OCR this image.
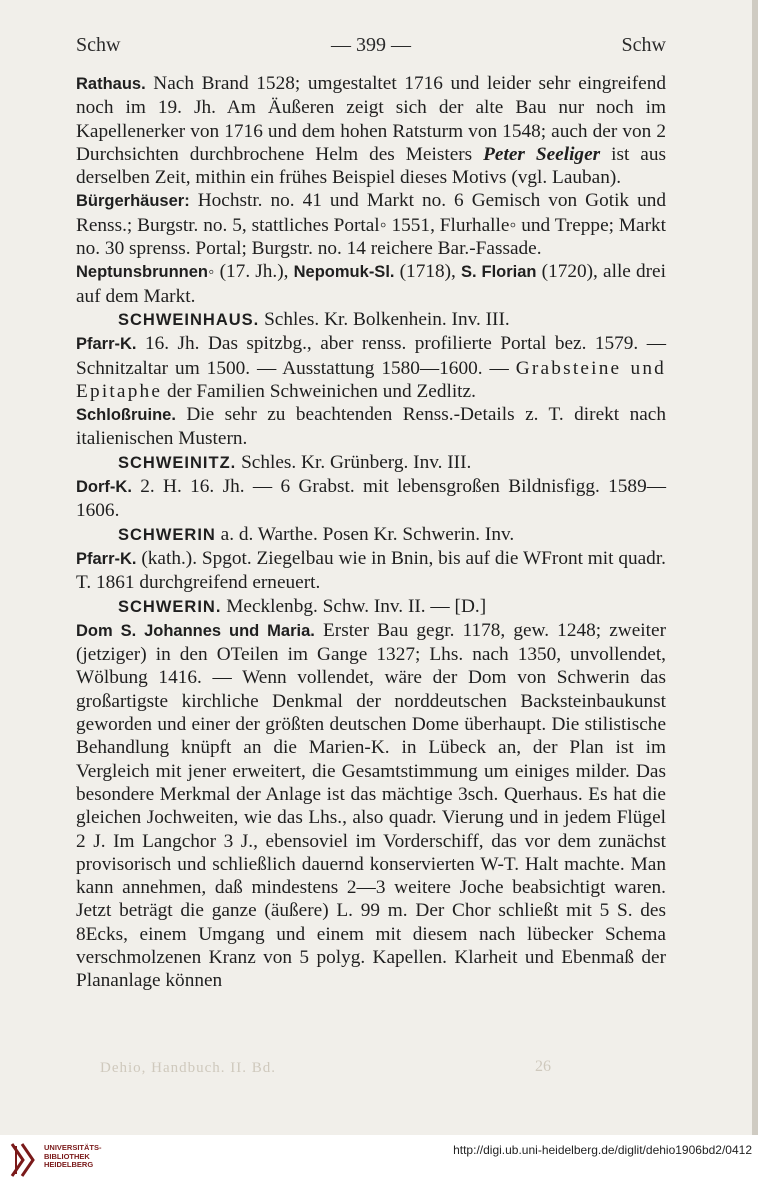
Schw	— 399 —	Schw

Rathaus. Nach Brand 1528; umgestaltet 1716 und leider sehr eingreifend noch im 19. Jh. Am Äußeren zeigt sich der alte Bau nur noch im Kapellenerker von 1716 und dem hohen Ratsturm von 1548; auch der von 2 Durchsichten durchbrochene Helm des Meisters Peter Seeliger ist aus derselben Zeit, mithin ein frühes Beispiel dieses Motivs (vgl. Lauban).

Bürgerhäuser: Hochstr. no. 41 und Markt no. 6 Gemisch von Gotik und Renss.; Burgstr. no. 5, stattliches Portal◦ 1551, Flurhalle◦ und Treppe; Markt no. 30 sprenss. Portal; Burgstr. no. 14 reichere Bar.-Fassade.

Neptunsbrunnen◦ (17. Jh.), Nepomuk-Sl. (1718), S. Florian (1720), alle drei auf dem Markt.

SCHWEINHAUS. Schles. Kr. Bolkenhein. Inv. III.

Pfarr-K. 16. Jh. Das spitzbg., aber renss. profilierte Portal bez. 1579. — Schnitzaltar um 1500. — Ausstattung 1580—1600. — Grabsteine und Epitaphe der Familien Schweinichen und Zedlitz.

Schloßruine. Die sehr zu beachtenden Renss.-Details z. T. direkt nach italienischen Mustern.

SCHWEINITZ. Schles. Kr. Grünberg. Inv. III.

Dorf-K. 2. H. 16. Jh. — 6 Grabst. mit lebensgroßen Bildnisfigg. 1589—1606.

SCHWERIN a. d. Warthe. Posen Kr. Schwerin. Inv.

Pfarr-K. (kath.). Spgot. Ziegelbau wie in Bnin, bis auf die WFront mit quadr. T. 1861 durchgreifend erneuert.

SCHWERIN. Mecklenbg. Schw. Inv. II. — [D.]

Dom S. Johannes und Maria. Erster Bau gegr. 1178, gew. 1248; zweiter (jetziger) in den OTeilen im Gange 1327; Lhs. nach 1350, unvollendet, Wölbung 1416. — Wenn vollendet, wäre der Dom von Schwerin das großartigste kirchliche Denkmal der norddeutschen Backsteinbaukunst geworden und einer der größten deutschen Dome überhaupt. Die stilistische Behandlung knüpft an die Marien-K. in Lübeck an, der Plan ist im Vergleich mit jener erweitert, die Gesamtstimmung um einiges milder. Das besondere Merkmal der Anlage ist das mächtige 3sch. Querhaus. Es hat die gleichen Jochweiten, wie das Lhs., also quadr. Vierung und in jedem Flügel 2 J. Im Langchor 3 J., ebensoviel im Vorderschiff, das vor dem zunächst provisorisch und schließlich dauernd konservierten W-T. Halt machte. Man kann annehmen, daß mindestens 2—3 weitere Joche beabsichtigt waren. Jetzt beträgt die ganze (äußere) L. 99 m. Der Chor schließt mit 5 S. des 8Ecks, einem Umgang und einem mit diesem nach lübecker Schema verschmolzenen Kranz von 5 polyg. Kapellen. Klarheit und Ebenmaß der Plananlage können

Dehio, Handbuch. II. Bd.	26
UNIVERSITÄTS-
BIBLIOTHEK
HEIDELBERG
http://digi.ub.uni-heidelberg.de/diglit/dehio1906bd2/0412
